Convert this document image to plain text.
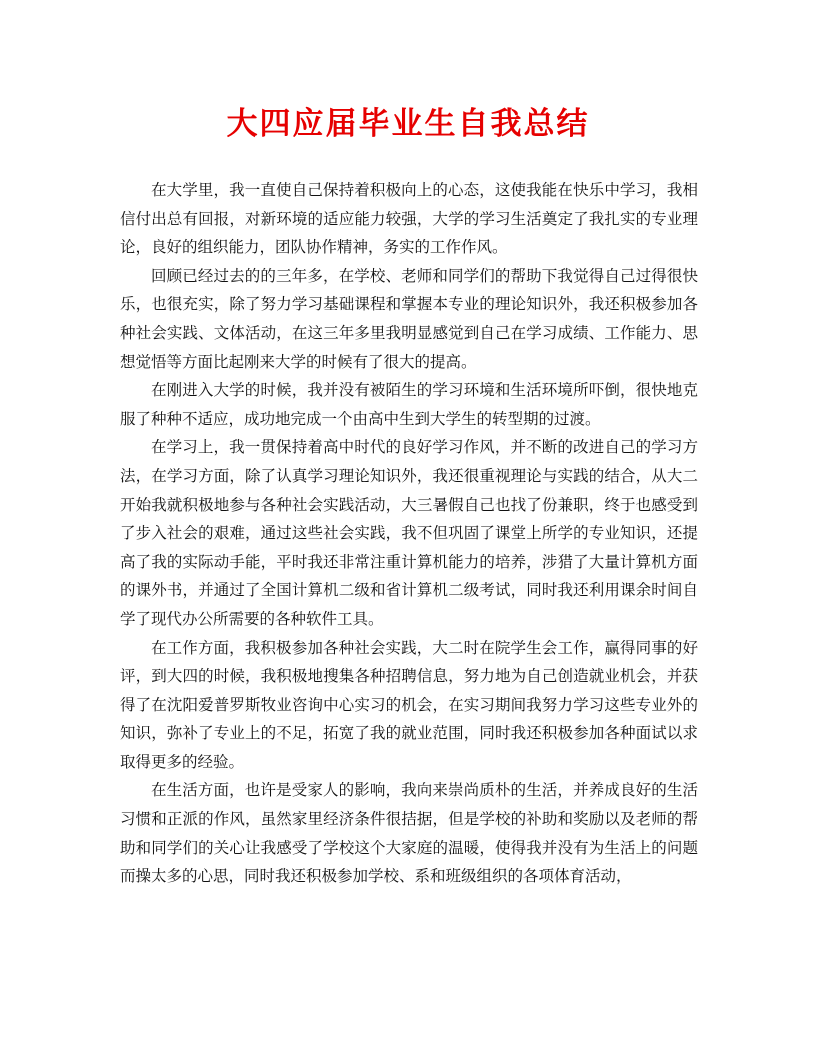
大四应届毕业生自我总结

在大学里，我一直使自己保持着积极向上的心态，这使我能在快乐中学习，我相信付出总有回报，对新环境的适应能力较强，大学的学习生活奠定了我扎实的专业理论，良好的组织能力，团队协作精神，务实的工作作风。

回顾已经过去的的三年多，在学校、老师和同学们的帮助下我觉得自己过得很快乐，也很充实，除了努力学习基础课程和掌握本专业的理论知识外，我还积极参加各种社会实践、文体活动，在这三年多里我明显感觉到自己在学习成绩、工作能力、思想觉悟等方面比起刚来大学的时候有了很大的提高。

在刚进入大学的时候，我并没有被陌生的学习环境和生活环境所吓倒，很快地克服了种种不适应，成功地完成一个由高中生到大学生的转型期的过渡。

在学习上，我一贯保持着高中时代的良好学习作风，并不断的改进自己的学习方法，在学习方面，除了认真学习理论知识外，我还很重视理论与实践的结合，从大二开始我就积极地参与各种社会实践活动，大三暑假自己也找了份兼职，终于也感受到了步入社会的艰难，通过这些社会实践，我不但巩固了课堂上所学的专业知识，还提高了我的实际动手能，平时我还非常注重计算机能力的培养，涉猎了大量计算机方面的课外书，并通过了全国计算机二级和省计算机二级考试，同时我还利用课余时间自学了现代办公所需要的各种软件工具。

在工作方面，我积极参加各种社会实践，大二时在院学生会工作，赢得同事的好评，到大四的时候，我积极地搜集各种招聘信息，努力地为自己创造就业机会，并获得了在沈阳爱普罗斯牧业咨询中心实习的机会，在实习期间我努力学习这些专业外的知识，弥补了专业上的不足，拓宽了我的就业范围，同时我还积极参加各种面试以求取得更多的经验。

在生活方面，也许是受家人的影响，我向来崇尚质朴的生活，并养成良好的生活习惯和正派的作风，虽然家里经济条件很拮据，但是学校的补助和奖励以及老师的帮助和同学们的关心让我感受了学校这个大家庭的温暖，使得我并没有为生活上的问题而操太多的心思，同时我还积极参加学校、系和班级组织的各项体育活动，
